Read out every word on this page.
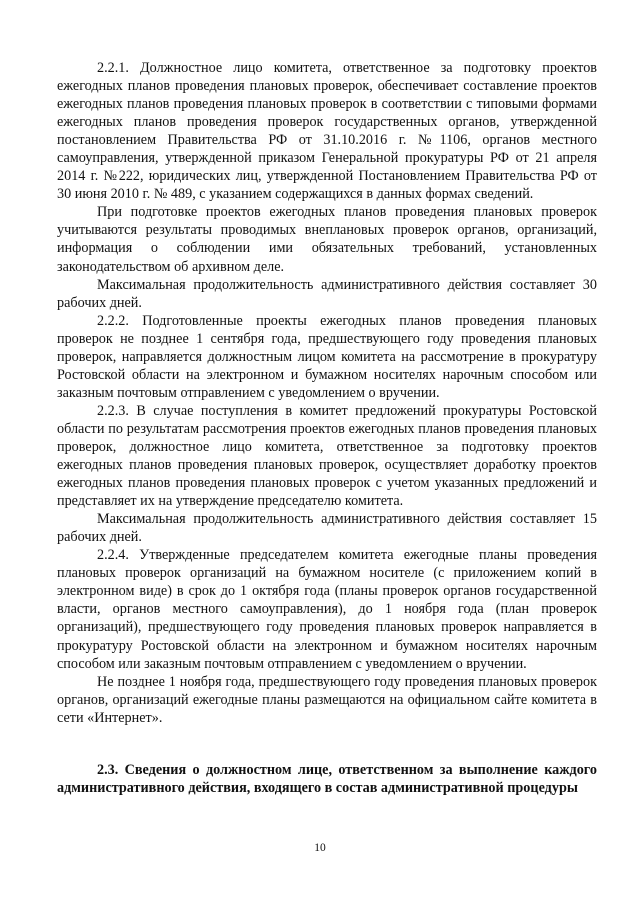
2.2.1. Должностное лицо комитета, ответственное за подготовку проектов ежегодных планов проведения плановых проверок, обеспечивает составление проектов ежегодных планов проведения плановых проверок в соответствии с типовыми формами ежегодных планов проведения проверок государственных органов, утвержденной постановлением Правительства РФ от 31.10.2016 г. №1106, органов местного самоуправления, утвержденной приказом Генеральной прокуратуры РФ от 21 апреля 2014 г. №222, юридических лиц, утвержденной Постановлением Правительства РФ от 30 июня 2010 г. № 489, с указанием содержащихся в данных формах сведений.

При подготовке проектов ежегодных планов проведения плановых проверок учитываются результаты проводимых внеплановых проверок органов, организаций, информация о соблюдении ими обязательных требований, установленных законодательством об архивном деле.

Максимальная продолжительность административного действия составляет 30 рабочих дней.

2.2.2. Подготовленные проекты ежегодных планов проведения плановых проверок не позднее 1 сентября года, предшествующего году проведения плановых проверок, направляется должностным лицом комитета на рассмотрение в прокуратуру Ростовской области на электронном и бумажном носителях нарочным способом или заказным почтовым отправлением с уведомлением о вручении.

2.2.3. В случае поступления в комитет предложений прокуратуры Ростовской области по результатам рассмотрения проектов ежегодных планов проведения плановых проверок, должностное лицо комитета, ответственное за подготовку проектов ежегодных планов проведения плановых проверок, осуществляет доработку проектов ежегодных планов проведения плановых проверок с учетом указанных предложений и представляет их на утверждение председателю комитета.

Максимальная продолжительность административного действия составляет 15 рабочих дней.

2.2.4. Утвержденные председателем комитета ежегодные планы проведения плановых проверок организаций на бумажном носителе (с приложением копий в электронном виде) в срок до 1 октября года (планы проверок органов государственной власти, органов местного самоуправления), до 1 ноября года (план проверок организаций), предшествующего году проведения плановых проверок направляется в прокуратуру Ростовской области на электронном и бумажном носителях нарочным способом или заказным почтовым отправлением с уведомлением о вручении.

Не позднее 1 ноября года, предшествующего году проведения плановых проверок органов, организаций ежегодные планы размещаются на официальном сайте комитета в сети «Интернет».

2.3. Сведения о должностном лице, ответственном за выполнение каждого административного действия, входящего в состав административной процедуры

10
